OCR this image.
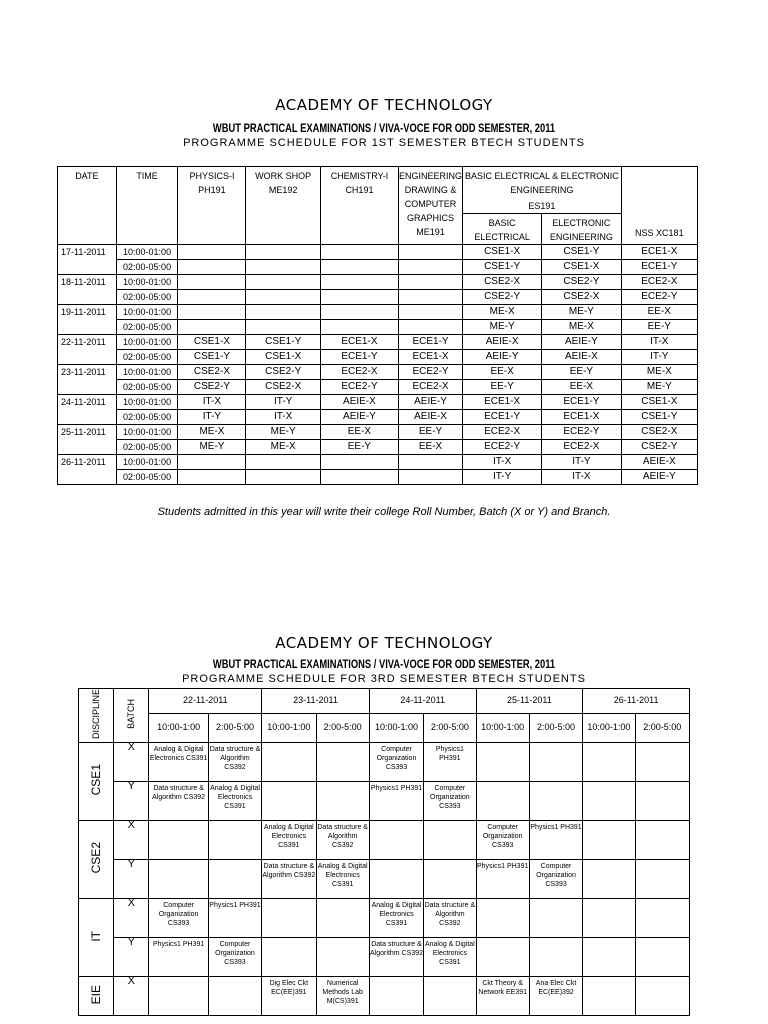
ACADEMY OF TECHNOLOGY
WBUT PRACTICAL EXAMINATIONS / VIVA-VOCE FOR ODD SEMESTER, 2011
PROGRAMME SCHEDULE FOR 1ST SEMESTER BTECH STUDENTS
DATE	TIME	PHYSICS-I PH191	WORK SHOP ME192	CHEMISTRY-I CH191	ENGINEERING DRAWING & COMPUTER GRAPHICS ME191	BASIC ELECTRICAL & ELECTRONIC ENGINEERING		NSS XC181
						ES191		
						BASIC ELECTRICAL	ELECTRONIC ENGINEERING	
17-11-2011	10:00-01:00					CSE1-X	CSE1-Y	ECE1-X
	02:00-05:00					CSE1-Y	CSE1-X	ECE1-Y
18-11-2011	10:00-01:00					CSE2-X	CSE2-Y	ECE2-X
	02:00-05:00					CSE2-Y	CSE2-X	ECE2-Y
19-11-2011	10:00-01:00					ME-X	ME-Y	EE-X
	02:00-05:00					ME-Y	ME-X	EE-Y
22-11-2011	10:00-01:00	CSE1-X	CSE1-Y	ECE1-X	ECE1-Y	AEIE-X	AEIE-Y	IT-X
	02:00-05:00	CSE1-Y	CSE1-X	ECE1-Y	ECE1-X	AEIE-Y	AEIE-X	IT-Y
23-11-2011	10:00-01:00	CSE2-X	CSE2-Y	ECE2-X	ECE2-Y	EE-X	EE-Y	ME-X
	02:00-05:00	CSE2-Y	CSE2-X	ECE2-Y	ECE2-X	EE-Y	EE-X	ME-Y
24-11-2011	10:00-01:00	IT-X	IT-Y	AEIE-X	AEIE-Y	ECE1-X	ECE1-Y	CSE1-X
	02:00-05:00	IT-Y	IT-X	AEIE-Y	AEIE-X	ECE1-Y	ECE1-X	CSE1-Y
25-11-2011	10:00-01:00	ME-X	ME-Y	EE-X	EE-Y	ECE2-X	ECE2-Y	CSE2-X
	02:00-05:00	ME-Y	ME-X	EE-Y	EE-X	ECE2-Y	ECE2-X	CSE2-Y
26-11-2011	10:00-01:00					IT-X	IT-Y	AEIE-X
	02:00-05:00					IT-Y	IT-X	AEIE-Y
Students admitted in this year will write their college Roll Number, Batch (X or Y) and Branch.
ACADEMY OF TECHNOLOGY
WBUT PRACTICAL EXAMINATIONS / VIVA-VOCE FOR ODD SEMESTER, 2011
PROGRAMME SCHEDULE FOR 3RD SEMESTER BTECH STUDENTS
DISCIPLINE	BATCH	22-11-2011		23-11-2011		24-11-2011		25-11-2011		26-11-2011	
		10:00-1:00	2:00-5:00	10:00-1:00	2:00-5:00	10:00-1:00	2:00-5:00	10:00-1:00	2:00-5:00	10:00-1:00	2:00-5:00
CSE1	X	Analog & Digital Electronics CS391	Data structure & Algorithm CS392			Computer Organization CS393	Physics1 PH391				
	Y	Data structure & Algorithm CS392	Analog & Digital Electronics CS391			Physics1 PH391	Computer Organization CS393				
CSE2	X			Analog & Digital Electronics CS391	Data structure & Algorithm CS392			Computer Organization CS393	Physics1 PH391		
	Y			Data structure & Algorithm CS392	Analog & Digital Electronics CS391			Physics1 PH391	Computer Organization CS393		
IT	X	Computer Organization CS393	Physics1 PH391			Analog & Digital Electronics CS391	Data structure & Algorithm CS392				
	Y	Physics1 PH391	Computer Organization CS393			Data structure & Algorithm CS392	Analog & Digital Electronics CS391				
EIE	X			Dig Elec Ckt EC(EE)391	Numerical Methods Lab M(CS)391			Ckt Theory & Network EE391	Ana Elec Ckt EC(EE)392		
